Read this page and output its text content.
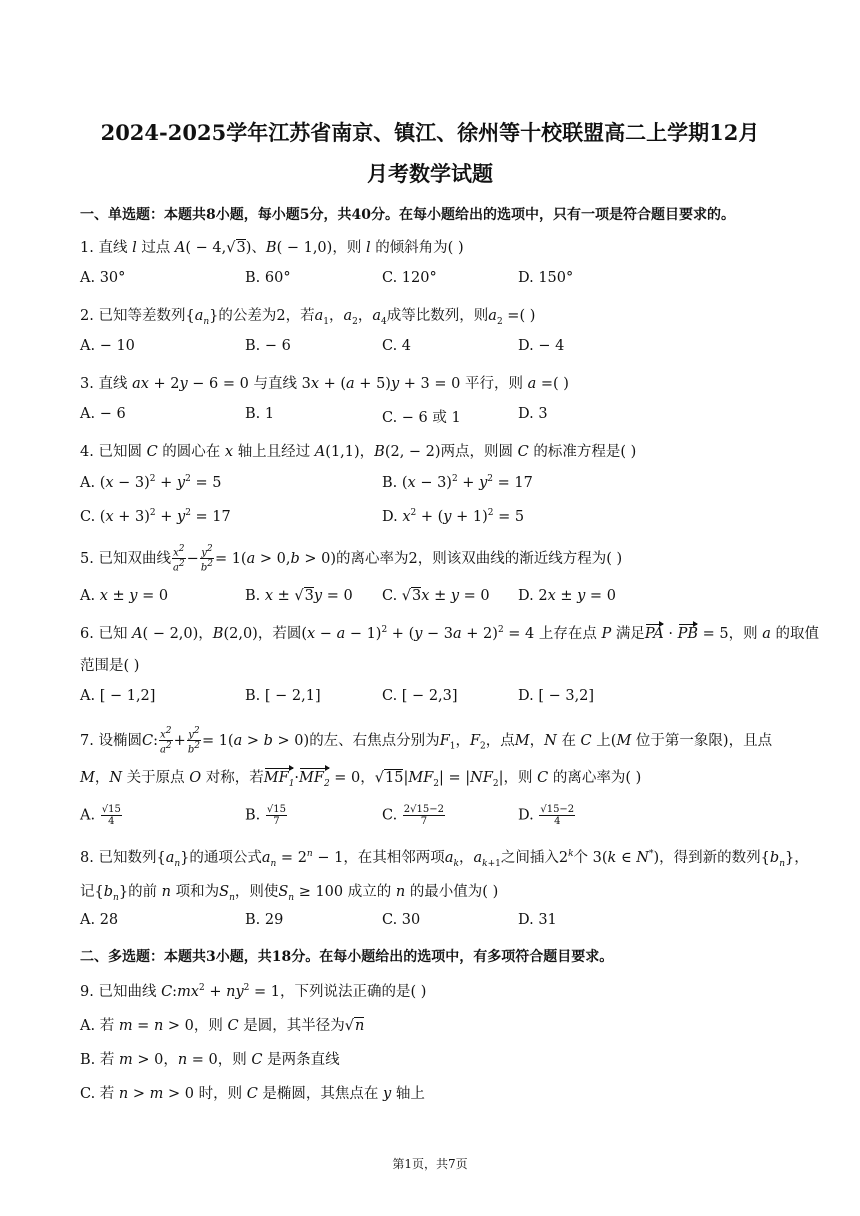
2024-2025学年江苏省南京、镇江、徐州等十校联盟高二上学期12月
月考数学试题
一、单选题：本题共8小题，每小题5分，共40分。在每小题给出的选项中，只有一项是符合题目要求的。
1. 直线 l 过点 A( − 4,√3)、B( − 1,0)，则 l 的倾斜角为( )
A. 30°	B. 60°	C. 120°	D. 150°
2. 已知等差数列$\{a_n\}$的公差为2，若$a_1$，$a_2$，$a_4$成等比数列，则$a_2$ =( )
A. − 10	B. − 6	C. 4	D. − 4
3. 直线 ax + 2y − 6 = 0 与直线 3x + (a + 5)y + 3 = 0 平行，则 a =( )
A. − 6	B. 1	C. − 6 或 1	D. 3
4. 已知圆 C 的圆心在 x 轴上且经过 A(1,1)，B(2, − 2)两点，则圆 C 的标准方程是( )
A. $(x - 3)^2 + y^2 = 5$	B. $(x - 3)^2 + y^2 = 17$
C. $(x + 3)^2 + y^2 = 17$	D. $x^2 + (y + 1)^2 = 5$
5. 已知双曲线 $\frac{x^2}{a^2} - \frac{y^2}{b^2} = 1(a > 0,b > 0)$的离心率为2，则该双曲线的渐近线方程为( )
A. x ± y = 0	B. x ± √3y = 0 C. √3x ± y = 0 D. 2x ± y = 0
6. 已知 A( − 2,0)，B(2,0)，若圆$(x - a - 1)^2 + (y - 3a + 2)^2 = 4$ 上存在点 P 满足PA · PB = 5，则 a 的取值
范围是( )
A. [ − 1,2]	B. [ − 2,1]	C. [ − 2,3]	D. [ − 3,2]
7. 设椭圆C: $\frac{x^2}{a^2} + \frac{y^2}{b^2} = 1(a > b > 0)$的左、右焦点分别为$F_1$，$F_2$，点M，N 在 C 上(M 位于第一象限)，且点
M，N 关于原点 O 对称，若$MF_1\cdot MF_2 = 0$，$√15|MF_2| = |NF_2|$，则 C 的离心率为( )
A. $\frac{√15}{4}$	B. $\frac{√15}{7}$	C. $\frac{2√15-2}{7}$	D. $\frac{√15-2}{4}$
8. 已知数列$\{a_n\}$的通项公式$a_n = 2^n - 1$，在其相邻两项$a_k$，$a_{k+1}$之间插入2$^k$个 3(k ∈ N*)，得到新的数列$\{b_n\}$，
记$\{b_n\}$的前 n 项和为$S_n$，则使$S_n \ge 100$ 成立的 n 的最小值为( )
A. 28	B. 29	C. 30	D. 31
二、多选题：本题共3小题，共18分。在每小题给出的选项中，有多项符合题目要求。
9. 已知曲线 $C:mx^2 + ny^2 = 1$，下列说法正确的是( )
A. 若 m = n > 0，则 C 是圆，其半径为√n
B. 若 m > 0，n = 0，则 C 是两条直线
C. 若 n > m > 0 时，则 C 是椭圆，其焦点在 y 轴上
第1页，共7页
